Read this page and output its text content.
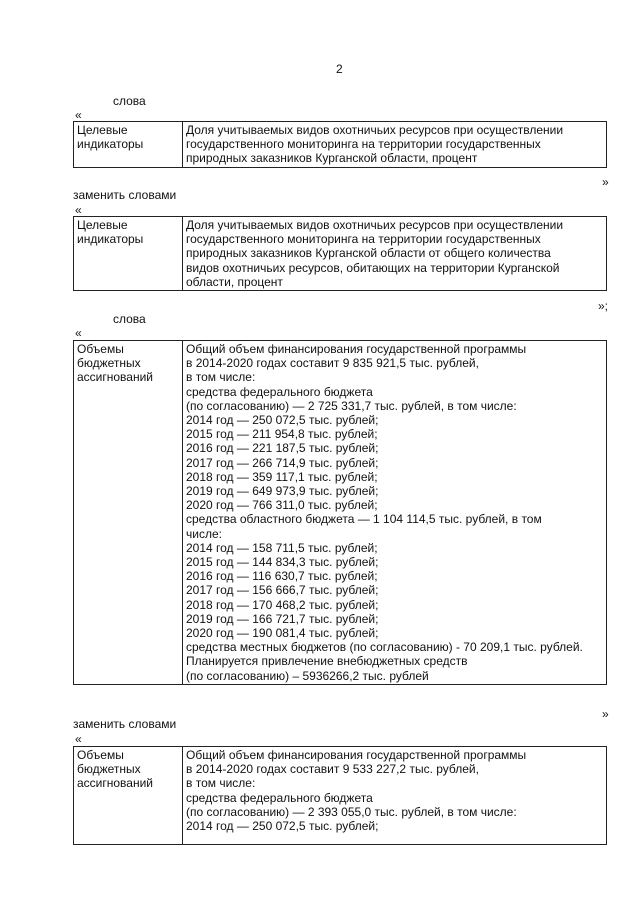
2
слова
«
Целевые
индикаторы

Доля учитываемых видов охотничьих ресурсов при осуществлении
государственного мониторинга на территории государственных
природных заказников Курганской области, процент
»
заменить словами
«
Целевые
индикаторы

Доля учитываемых видов охотничьих ресурсов при осуществлении
государственного мониторинга на территории государственных
природных заказников Курганской области от общего количества
видов охотничьих ресурсов, обитающих на территории Курганской
области, процент
»;
слова
«
Объемы
бюджетных
ассигнований

Общий объем финансирования государственной программы
в 2014-2020 годах составит 9 835 921,5 тыс. рублей,
в том числе:
средства федерального бюджета
(по согласованию) — 2 725 331,7 тыс. рублей, в том числе:
2014 год — 250 072,5 тыс. рублей;
2015 год — 211 954,8 тыс. рублей;
2016 год — 221 187,5 тыс. рублей;
2017 год — 266 714,9 тыс. рублей;
2018 год — 359 117,1 тыс. рублей;
2019 год — 649 973,9 тыс. рублей;
2020 год — 766 311,0 тыс. рублей;
средства областного бюджета — 1 104 114,5 тыс. рублей, в том
числе:
2014 год — 158 711,5 тыс. рублей;
2015 год — 144 834,3 тыс. рублей;
2016 год — 116 630,7 тыс. рублей;
2017 год — 156 666,7 тыс. рублей;
2018 год — 170 468,2 тыс. рублей;
2019 год — 166 721,7 тыс. рублей;
2020 год — 190 081,4 тыс. рублей;
средства местных бюджетов (по согласованию) - 70 209,1 тыс. рублей.
Планируется привлечение внебюджетных средств
(по согласованию) – 5936266,2 тыс. рублей
»
заменить словами
«
Объемы
бюджетных
ассигнований

Общий объем финансирования государственной программы
в 2014-2020 годах составит 9 533 227,2 тыс. рублей,
в том числе:
средства федерального бюджета
(по согласованию) — 2 393 055,0 тыс. рублей, в том числе:
2014 год — 250 072,5 тыс. рублей;
